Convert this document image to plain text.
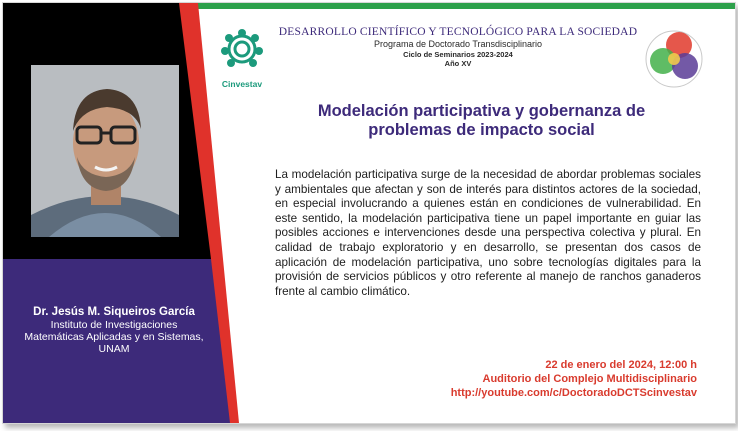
Dr. Jesús M. Siqueiros García
Instituto de Investigaciones
Matemáticas Aplicadas y en Sistemas,
UNAM
Cinvestav
DESARROLLO CIENTÍFICO Y TECNOLÓGICO PARA LA SOCIEDAD
Programa de Doctorado Transdisciplinario
Ciclo de Seminarios 2023-2024
Año XV
Modelación participativa y gobernanza de
problemas de impacto social

La modelación participativa surge de la necesidad de abordar problemas sociales y ambientales que afectan y son de interés para distintos actores de la sociedad, en especial involucrando a quienes están en condiciones de vulnerabilidad. En este sentido, la modelación participativa tiene un papel importante en guiar las posibles acciones e intervenciones desde una perspectiva colectiva y plural. En calidad de trabajo exploratorio y en desarrollo, se presentan dos casos de aplicación de modelación participativa, uno sobre tecnologías digitales para la provisión de servicios públicos y otro referente al manejo de ranchos ganaderos frente al cambio climático.

22 de enero del 2024, 12:00 h
Auditorio del Complejo Multidisciplinario
http://youtube.com/c/DoctoradoDCTScinvestav
